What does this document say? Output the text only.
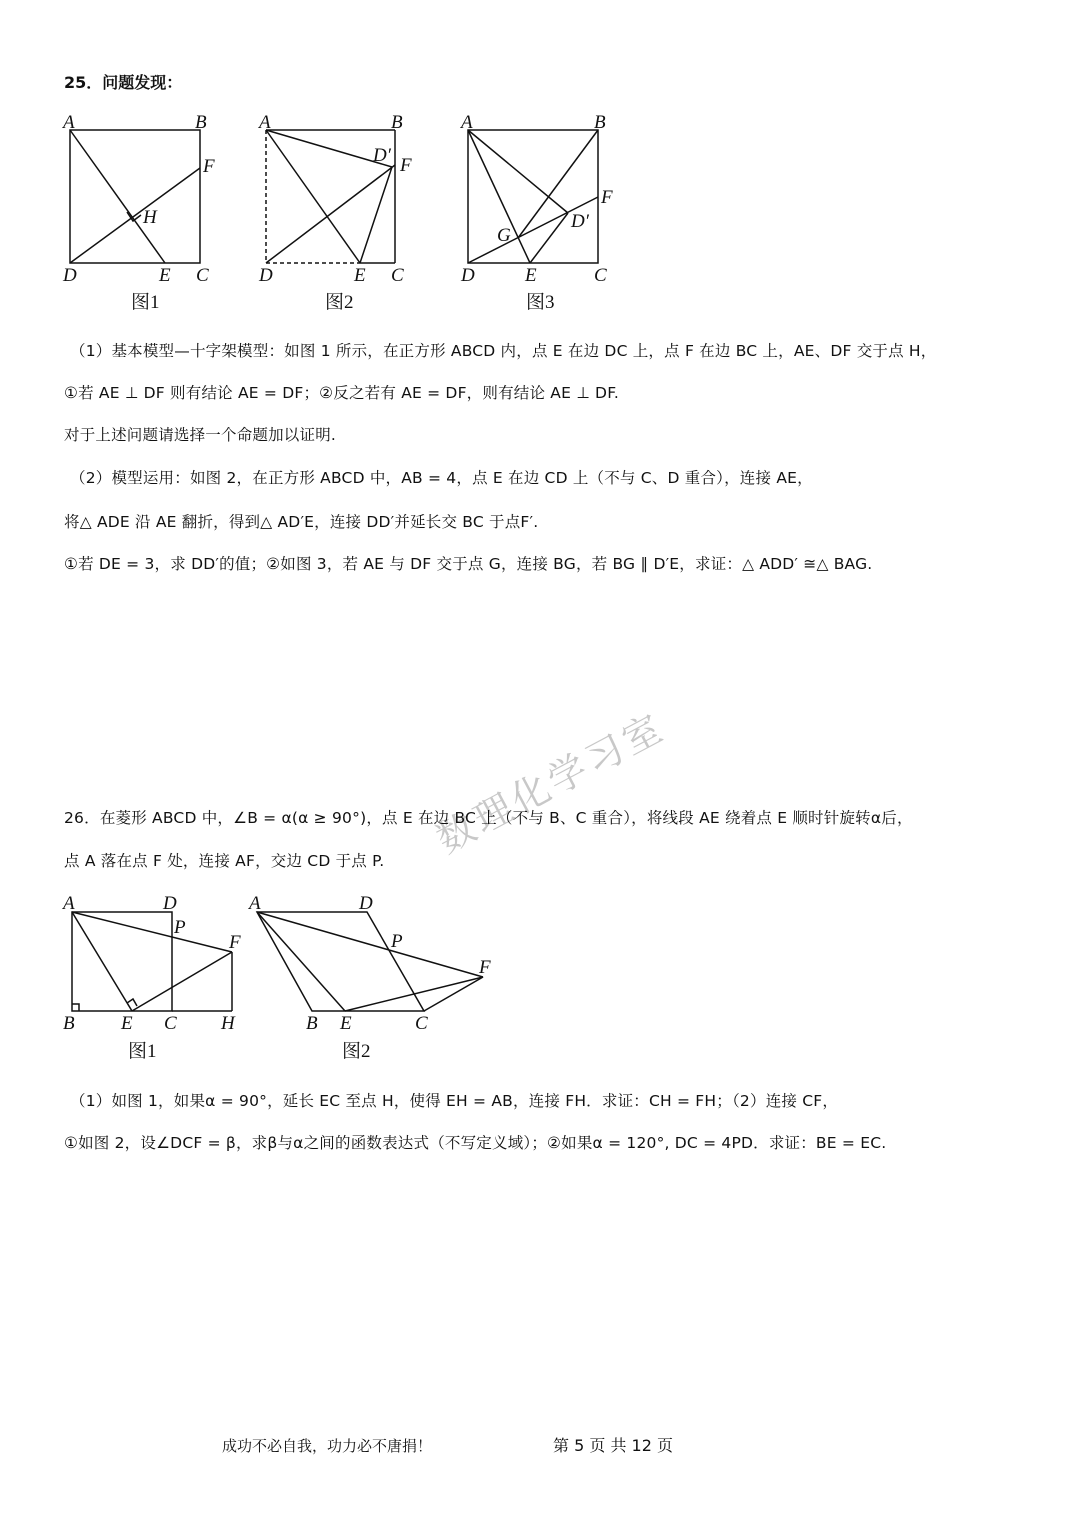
25．问题发现：
A	B
F
H
D	E C
A	B
D′ F
D	E C
A	B
F
D′
G
D	E	C
图1	图2	图3
（1）基本模型—十字架模型：如图 1 所示，在正方形 ABCD 内，点 E 在边 DC 上，点 F 在边 BC 上，AE、DF 交于点 H，
①若 AE ⊥ DF 则有结论 AE = DF；②反之若有 AE = DF，则有结论 AE ⊥ DF.
对于上述问题请选择一个命题加以证明.
（2）模型运用：如图 2，在正方形 ABCD 中，AB = 4，点 E 在边 CD 上（不与 C、D 重合），连接 AE，
将△ ADE 沿 AE 翻折，得到△ AD′E，连接 DD′并延长交 BC 于点F′.
①若 DE = 3，求 DD′的值；②如图 3，若 AE 与 DF 交于点 G，连接 BG，若 BG ∥ D′E，求证：△ ADD′ ≅△ BAG.
数理化学习室
26．在菱形 ABCD 中，∠B = α(α ≥ 90°)，点 E 在边 BC 上（不与 B、C 重合），将线段 AE 绕着点 E 顺时针旋转α后，
点 A 落在点 F 处，连接 AF，交边 CD 于点 P.
A	D
P
F
B E C H
A	D
P
F
B E	C
图1	图2
（1）如图 1，如果α = 90°，延长 EC 至点 H，使得 EH = AB，连接 FH．求证：CH = FH；（2）连接 CF，
①如图 2，设∠DCF = β，求β与α之间的函数表达式（不写定义域）；②如果α = 120°, DC = 4PD．求证：BE = EC.
成功不必自我，功力必不唐捐！	第 5 页 共 12 页
